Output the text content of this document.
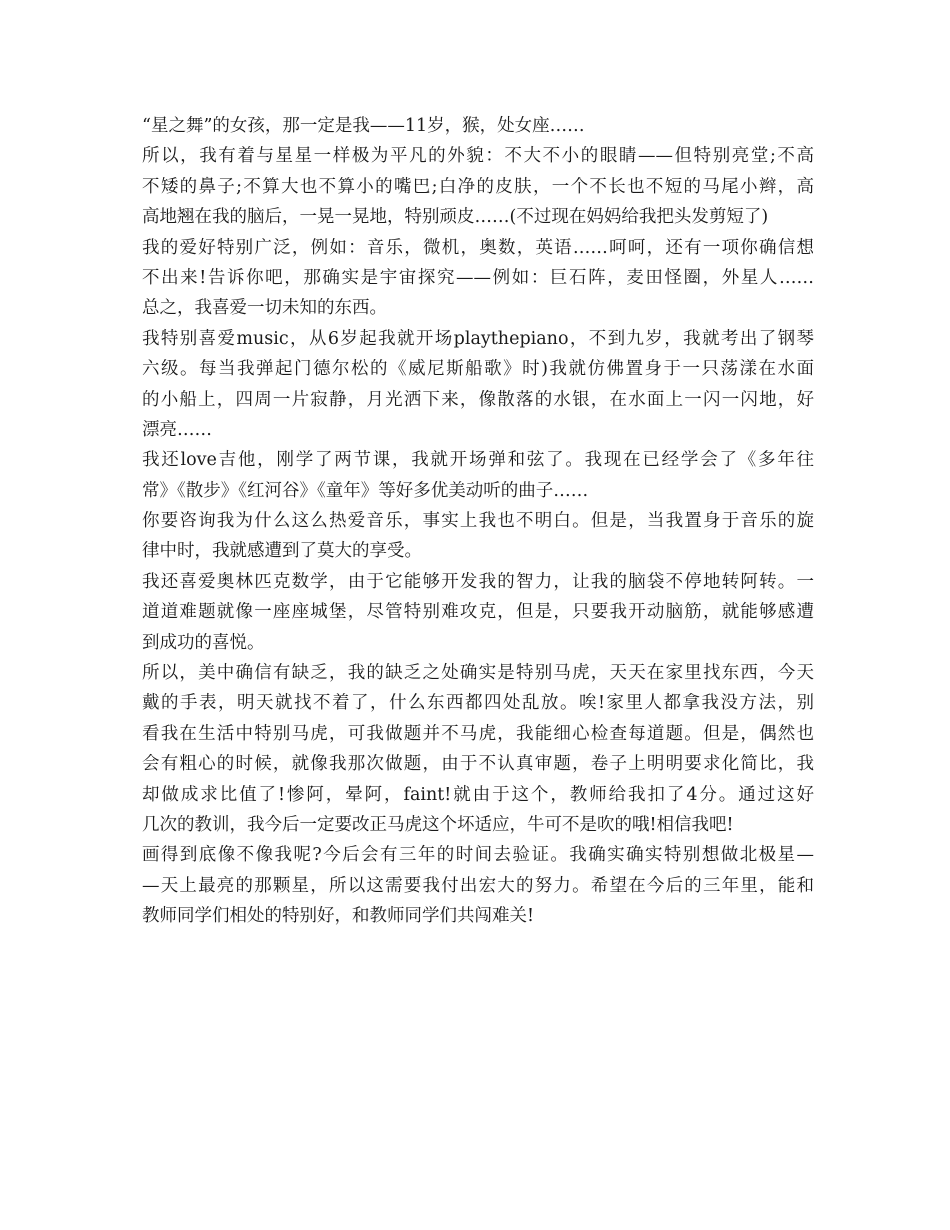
“星之舞”的女孩，那一定是我——11岁，猴，处女座……
所以，我有着与星星一样极为平凡的外貌：不大不小的眼睛——但特别亮堂;不高
不矮的鼻子;不算大也不算小的嘴巴;白净的皮肤，一个不长也不短的马尾小辫，高
高地翘在我的脑后，一晃一晃地，特别顽皮……(不过现在妈妈给我把头发剪短了)
我的爱好特别广泛，例如：音乐，微机，奥数，英语……呵呵，还有一项你确信想
不出来!告诉你吧，那确实是宇宙探究——例如：巨石阵，麦田怪圈，外星人……
总之，我喜爱一切未知的东西。
我特别喜爱music，从6岁起我就开场playthepiano，不到九岁，我就考出了钢琴
六级。每当我弹起门德尔松的《威尼斯船歌》时)我就仿佛置身于一只荡漾在水面
的小船上，四周一片寂静，月光洒下来，像散落的水银，在水面上一闪一闪地，好
漂亮……
我还love吉他，刚学了两节课，我就开场弹和弦了。我现在已经学会了《多年往
常》《散步》《红河谷》《童年》等好多优美动听的曲子……
你要咨询我为什么这么热爱音乐，事实上我也不明白。但是，当我置身于音乐的旋
律中时，我就感遭到了莫大的享受。
我还喜爱奥林匹克数学，由于它能够开发我的智力，让我的脑袋不停地转阿转。一
道道难题就像一座座城堡，尽管特别难攻克，但是，只要我开动脑筋，就能够感遭
到成功的喜悦。
所以，美中确信有缺乏，我的缺乏之处确实是特别马虎，天天在家里找东西，今天
戴的手表，明天就找不着了，什么东西都四处乱放。唉!家里人都拿我没方法，别
看我在生活中特别马虎，可我做题并不马虎，我能细心检查每道题。但是，偶然也
会有粗心的时候，就像我那次做题，由于不认真审题，卷子上明明要求化简比，我
却做成求比值了!惨阿，晕阿，faint!就由于这个，教师给我扣了4分。通过这好
几次的教训，我今后一定要改正马虎这个坏适应，牛可不是吹的哦!相信我吧!
画得到底像不像我呢?今后会有三年的时间去验证。我确实确实特别想做北极星—
—天上最亮的那颗星，所以这需要我付出宏大的努力。希望在今后的三年里，能和
教师同学们相处的特别好，和教师同学们共闯难关!
